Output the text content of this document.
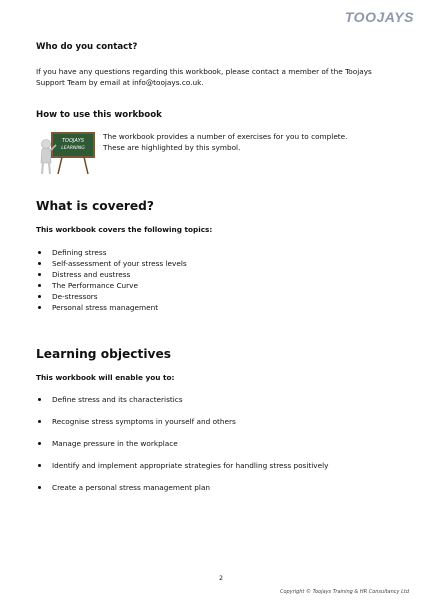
TOOJAYS
Who do you contact?
If you have any questions regarding this workbook, please contact a member of the Toojays
Support Team by email at info@toojays.co.uk.
How to use this workbook
TOOJAYS
LEARNING
The workbook provides a number of exercises for you to complete.
These are highlighted by this symbol.
What is covered?
This workbook covers the following topics:
Defining stress
Self-assessment of your stress levels
Distress and eustress
The Performance Curve
De-stressors
Personal stress management
Learning objectives
This workbook will enable you to:
Define stress and its characteristics
Recognise stress symptoms in yourself and others
Manage pressure in the workplace
Identify and implement appropriate strategies for handling stress positively
Create a personal stress management plan
2
Copyright © Toojays Training & HR Consultancy Ltd
